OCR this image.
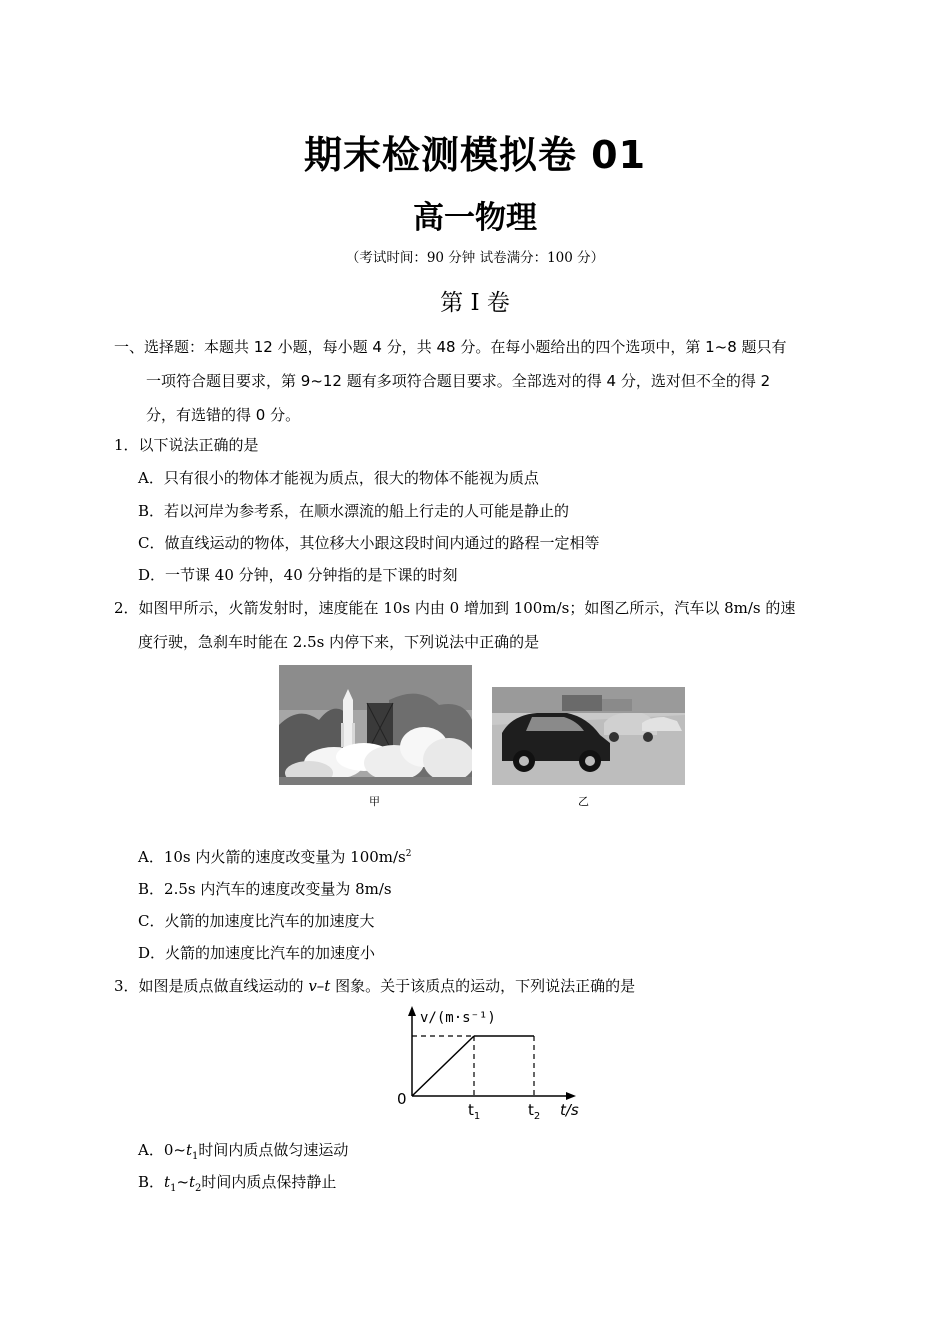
期末检测模拟卷 01
高一物理
（考试时间：90 分钟 试卷满分：100 分）
第 I 卷
一、选择题：本题共 12 小题，每小题 4 分，共 48 分。在每小题给出的四个选项中，第 1~8 题只有
一项符合题目要求，第 9~12 题有多项符合题目要求。全部选对的得 4 分，选对但不全的得 2
分，有选错的得 0 分。
1．以下说法正确的是
A．只有很小的物体才能视为质点，很大的物体不能视为质点
B．若以河岸为参考系，在顺水漂流的船上行走的人可能是静止的
C．做直线运动的物体，其位移大小跟这段时间内通过的路程一定相等
D．一节课 40 分钟，40 分钟指的是下课的时刻
2．如图甲所示，火箭发射时，速度能在 10s 内由 0 增加到 100m/s；如图乙所示，汽车以 8m/s 的速
度行驶，急刹车时能在 2.5s 内停下来，下列说法中正确的是
甲	乙
A．10s 内火箭的速度改变量为 $100m/s^2$
B．2.5s 内汽车的速度改变量为 8m/s
C．火箭的加速度比汽车的加速度大
D．火箭的加速度比汽车的加速度小
3．如图是质点做直线运动的 v–t 图象。关于该质点的运动，下列说法正确的是
v/(m·s⁻¹)
0
$t_1$	$t_2$ t/s
A．$0\sim t_1$时间内质点做匀速运动
B．$t_1\sim t_2$时间内质点保持静止
